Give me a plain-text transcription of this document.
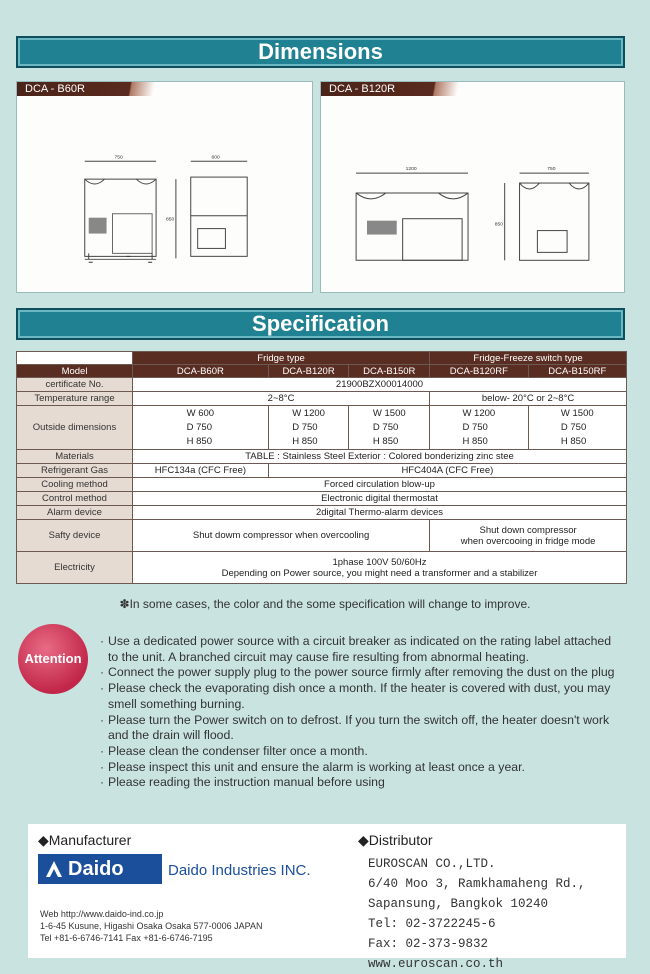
Dimensions
DCA - B60R
750	600
850
DCA - B120R
1200	750
850
Specification
	Fridge type			Fridge-Freeze switch type	
Model	DCA-B60R	DCA-B120R	DCA-B150R	DCA-B120RF	DCA-B150RF
certificate No.	21900BZX00014000				
Temperature range	2~8°C			below- 20°C or 2~8°C	
Outside dimensions	W 600
D 750
H 850	W 1200
D 750
H 850	W 1500
D 750
H 850	W 1200
D 750
H 850	W 1500
D 750
H 850
Materials	TABLE : Stainless Steel Exterior : Colored bonderizing zinc stee				
Refrigerant Gas	HFC134a (CFC Free)	HFC404A (CFC Free)			
Cooling method	Forced circulation blow-up				
Control method	Electronic digital thermostat				
Alarm device	2digital Thermo-alarm devices				
Safty device	Shut dowm compressor when overcooling			Shut down compressor
when overcooing in fridge mode	
Electricity	1phase 100V 50/60Hz
Depending on Power source, you might need a transformer and a stabilizer				
✽In some cases, the color and the some specification will change to improve.
Attention
· Use a dedicated power source with a circuit breaker as indicated on the rating label attached to the unit. A branched circuit may cause fire resulting from abnormal heating.
· Connect the power supply plug to the power source firmly after removing the dust on the plug
· Please check the evaporating dish once a month. If the heater is covered with dust, you may smell something burning.
· Please turn the Power switch on to defrost. If you turn the switch off, the heater doesn't work and the drain will flood.
· Please clean the condenser filter once a month.
· Please inspect this unit and ensure the alarm is working at least once a year.
· Please reading the instruction manual before using
◆Manufacturer
Daido	Daido Industries INC.
Web http://www.daido-ind.co.jp
1-6-45 Kusune, Higashi Osaka Osaka 577-0006 JAPAN
Tel +81-6-6746-7141 Fax +81-6-6746-7195
◆Distributor
EUROSCAN CO.,LTD.
6/40 Moo 3, Ramkhamaheng Rd.,
Sapansung, Bangkok 10240
Tel: 02-3722245-6
Fax: 02-373-9832
www.euroscan.co.th
